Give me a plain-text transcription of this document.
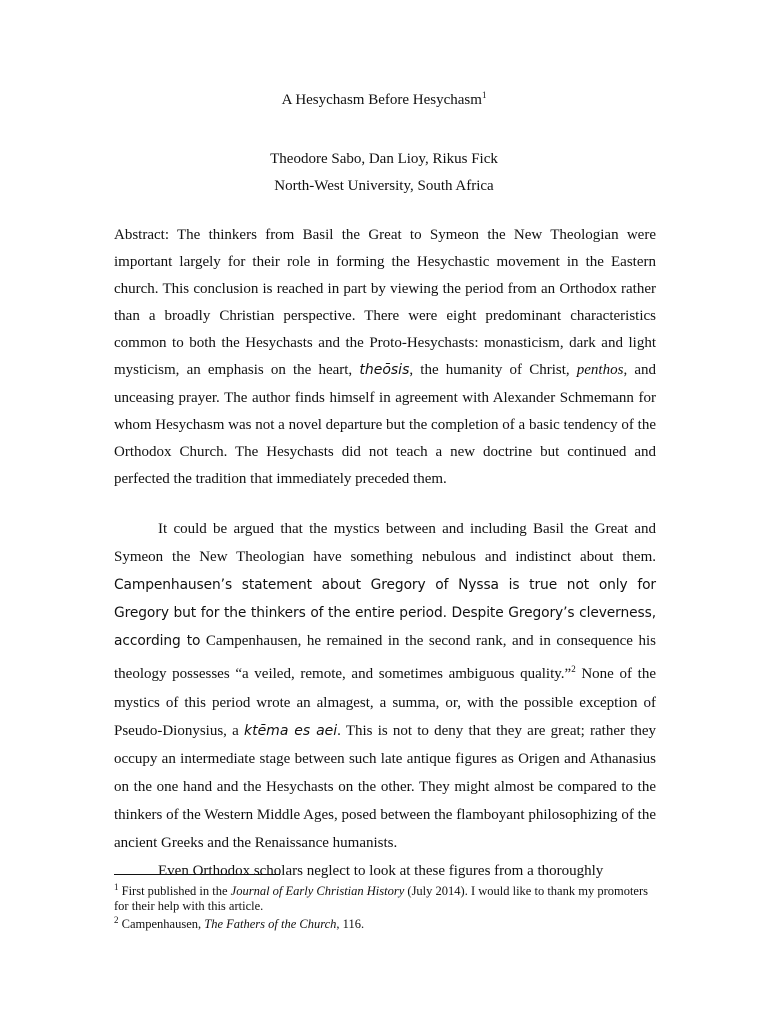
A Hesychasm Before Hesychasm$^1$
Theodore Sabo, Dan Lioy, Rikus Fick
North-West University, South Africa
Abstract: The thinkers from Basil the Great to Symeon the New Theologian were important largely for their role in forming the Hesychastic movement in the Eastern church. This conclusion is reached in part by viewing the period from an Orthodox rather than a broadly Christian perspective. There were eight predominant characteristics common to both the Hesychasts and the Proto-Hesychasts: monasticism, dark and light mysticism, an emphasis on the heart, theōsis, the humanity of Christ, penthos, and unceasing prayer. The author finds himself in agreement with Alexander Schmemann for whom Hesychasm was not a novel departure but the completion of a basic tendency of the Orthodox Church. The Hesychasts did not teach a new doctrine but continued and perfected the tradition that immediately preceded them.

It could be argued that the mystics between and including Basil the Great and Symeon the New Theologian have something nebulous and indistinct about them. Campenhausen’s statement about Gregory of Nyssa is true not only for Gregory but for the thinkers of the entire period. Despite Gregory’s cleverness, according to Campenhausen, he remained in the second rank, and in consequence his theology possesses “a veiled, remote, and sometimes ambiguous quality.”$^2$ None of the mystics of this period wrote an almagest, a summa, or, with the possible exception of Pseudo-Dionysius, a ktēma es aei. This is not to deny that they are great; rather they occupy an intermediate stage between such late antique figures as Origen and Athanasius on the one hand and the Hesychasts on the other. They might almost be compared to the thinkers of the Western Middle Ages, posed between the flamboyant philosophizing of the ancient Greeks and the Renaissance humanists.

Even Orthodox scholars neglect to look at these figures from a thoroughly

$^1$ First published in the Journal of Early Christian History (July 2014). I would like to thank my promoters for their help with this article.

$^2$ Campenhausen, The Fathers of the Church, 116.
